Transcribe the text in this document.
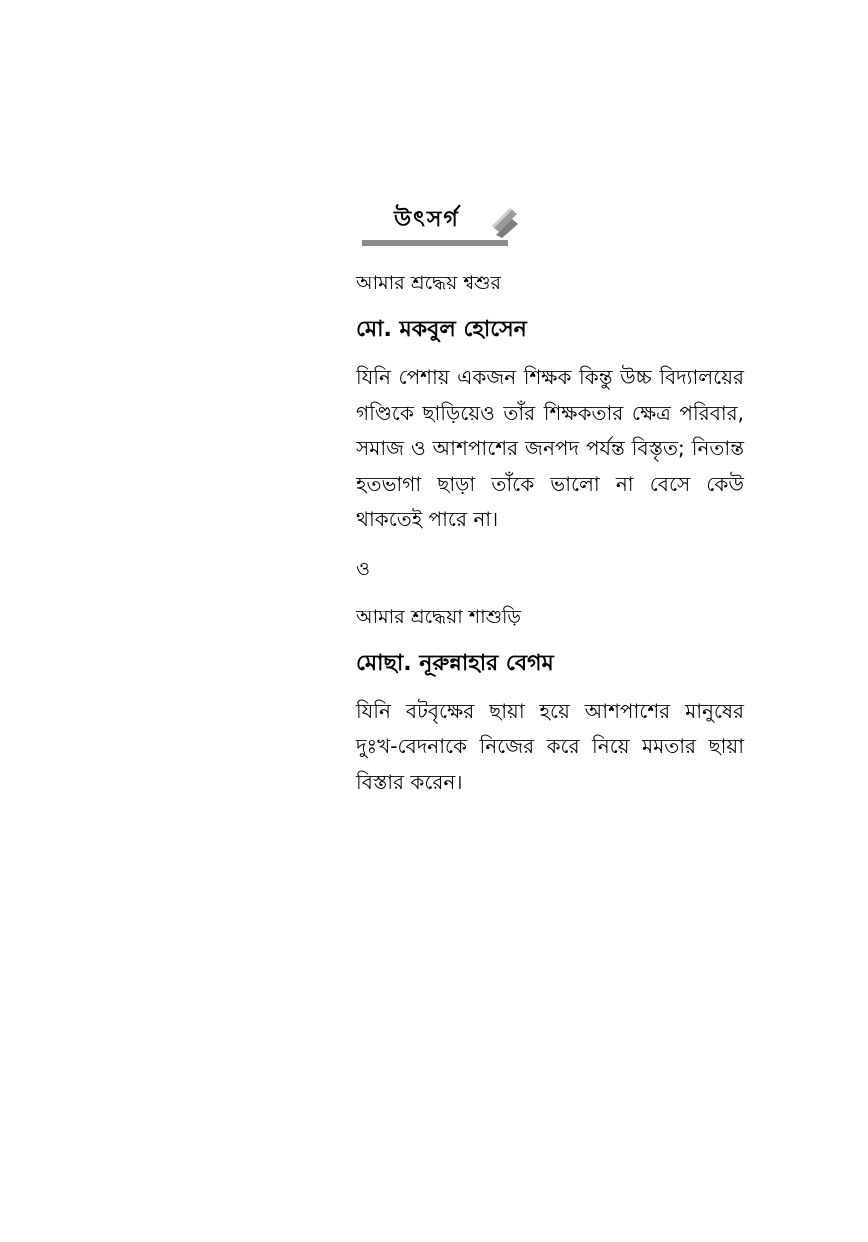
উৎসর্গ
আমার শ্রদ্ধেয় শ্বশুর
মো. মকবুল হোসেন
যিনি পেশায় একজন শিক্ষক কিন্তু উচ্চ বিদ্যালয়ের গণ্ডিকে ছাড়িয়েও তাঁর শিক্ষকতার ক্ষেত্র পরিবার, সমাজ ও আশপাশের জনপদ পর্যন্ত বিস্তৃত; নিতান্ত হতভাগা ছাড়া তাঁকে ভালো না বেসে কেউ থাকতেই পারে না।
ও
আমার শ্রদ্ধেয়া শাশুড়ি
মোছা. নূরুন্নাহার বেগম
যিনি বটবৃক্ষের ছায়া হয়ে আশপাশের মানুষের দুঃখ-বেদনাকে নিজের করে নিয়ে মমতার ছায়া বিস্তার করেন।
